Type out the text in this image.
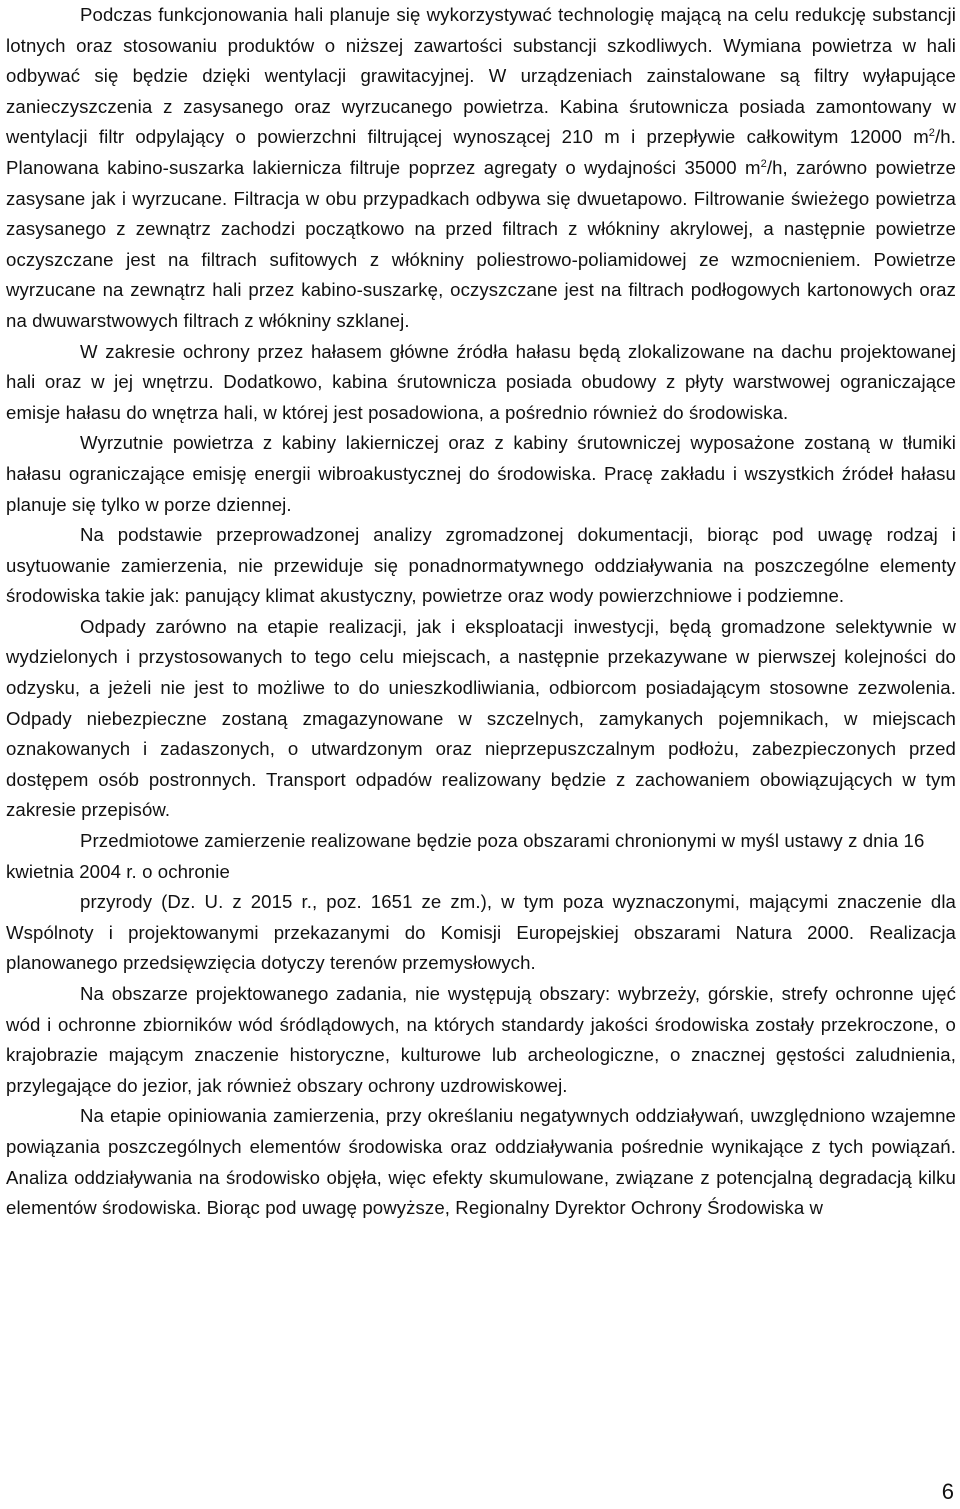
Podczas funkcjonowania hali planuje się wykorzystywać technologię mającą na celu redukcję substancji lotnych oraz stosowaniu produktów o niższej zawartości substancji szkodliwych. Wymiana powietrza w hali odbywać się będzie dzięki wentylacji grawitacyjnej. W urządzeniach zainstalowane są filtry wyłapujące zanieczyszczenia z zasysanego oraz wyrzucanego powietrza. Kabina śrutownicza posiada zamontowany w wentylacji filtr odpylający o powierzchni filtrującej wynoszącej 210 m i przepływie całkowitym 12000 $m^2/h$. Planowana kabino-suszarka lakiernicza filtruje poprzez agregaty o wydajności 35000 $m^2/h$, zarówno powietrze zasysane jak i wyrzucane. Filtracja w obu przypadkach odbywa się dwuetapowo. Filtrowanie świeżego powietrza zasysanego z zewnątrz zachodzi początkowo na przed filtrach z włókniny akrylowej, a następnie powietrze oczyszczane jest na filtrach sufitowych z włókniny poliestrowo-poliamidowej ze wzmocnieniem. Powietrze wyrzucane na zewnątrz hali przez kabino-suszarkę, oczyszczane jest na filtrach podłogowych kartonowych oraz na dwuwarstwowych filtrach z włókniny szklanej.

W zakresie ochrony przez hałasem główne źródła hałasu będą zlokalizowane na dachu projektowanej hali oraz w jej wnętrzu. Dodatkowo, kabina śrutownicza posiada obudowy z płyty warstwowej ograniczające emisje hałasu do wnętrza hali, w której jest posadowiona, a pośrednio również do środowiska.

Wyrzutnie powietrza z kabiny lakierniczej oraz z kabiny śrutowniczej wyposażone zostaną w tłumiki hałasu ograniczające emisję energii wibroakustycznej do środowiska. Pracę zakładu i wszystkich źródeł hałasu planuje się tylko w porze dziennej.

Na podstawie przeprowadzonej analizy zgromadzonej dokumentacji, biorąc pod uwagę rodzaj i usytuowanie zamierzenia, nie przewiduje się ponadnormatywnego oddziaływania na poszczególne elementy środowiska takie jak: panujący klimat akustyczny, powietrze oraz wody powierzchniowe i podziemne.

Odpady zarówno na etapie realizacji, jak i eksploatacji inwestycji, będą gromadzone selektywnie w wydzielonych i przystosowanych to tego celu miejscach, a następnie przekazywane w pierwszej kolejności do odzysku, a jeżeli nie jest to możliwe to do unieszkodliwiania, odbiorcom posiadającym stosowne zezwolenia. Odpady niebezpieczne zostaną zmagazynowane w szczelnych, zamykanych pojemnikach, w miejscach oznakowanych i zadaszonych, o utwardzonym oraz nieprzepuszczalnym podłożu, zabezpieczonych przed dostępem osób postronnych. Transport odpadów realizowany będzie z zachowaniem obowiązujących w tym zakresie przepisów.

Przedmiotowe zamierzenie realizowane będzie poza obszarami chronionymi w myśl ustawy z dnia 16 kwietnia 2004 r. o ochronie

przyrody (Dz. U. z 2015 r., poz. 1651 ze zm.), w tym poza wyznaczonymi, mającymi znaczenie dla Wspólnoty i projektowanymi przekazanymi do Komisji Europejskiej obszarami Natura 2000. Realizacja planowanego przedsięwzięcia dotyczy terenów przemysłowych.

Na obszarze projektowanego zadania, nie występują obszary: wybrzeży, górskie, strefy ochronne ujęć wód i ochronne zbiorników wód śródlądowych, na których standardy jakości środowiska zostały przekroczone, o krajobrazie mającym znaczenie historyczne, kulturowe lub archeologiczne, o znacznej gęstości zaludnienia, przylegające do jezior, jak również obszary ochrony uzdrowiskowej.

Na etapie opiniowania zamierzenia, przy określaniu negatywnych oddziaływań, uwzględniono wzajemne powiązania poszczególnych elementów środowiska oraz oddziaływania pośrednie wynikające z tych powiązań. Analiza oddziaływania na środowisko objęła, więc efekty skumulowane, związane z potencjalną degradacją kilku elementów środowiska. Biorąc pod uwagę powyższe, Regionalny Dyrektor Ochrony Środowiska w

6
